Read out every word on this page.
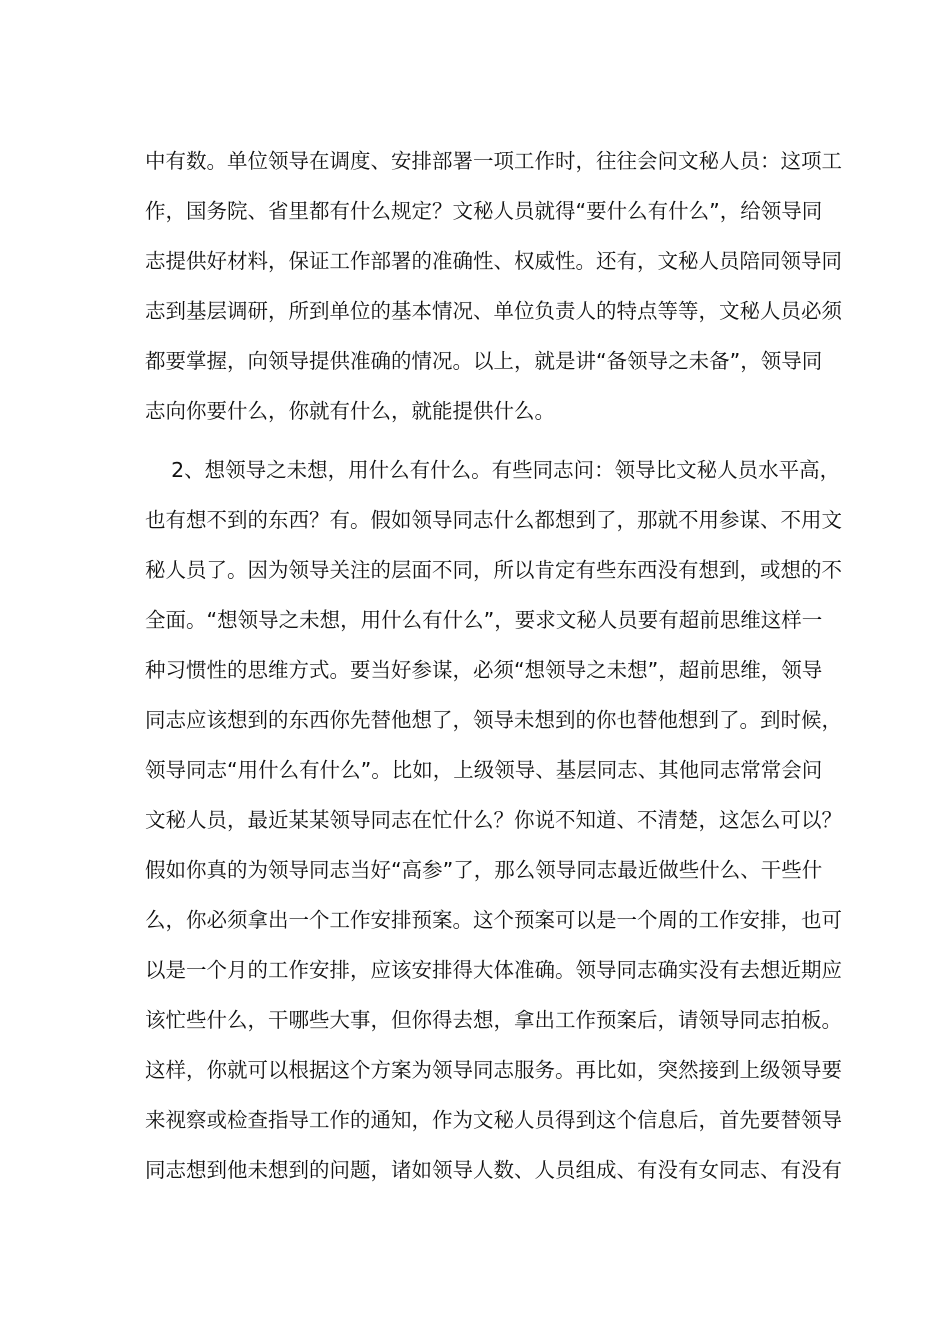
中有数。单位领导在调度、安排部署一项工作时，往往会问文秘人员：这项工
作，国务院、省里都有什么规定？文秘人员就得“要什么有什么”，给领导同
志提供好材料，保证工作部署的准确性、权威性。还有，文秘人员陪同领导同
志到基层调研，所到单位的基本情况、单位负责人的特点等等，文秘人员必须
都要掌握，向领导提供准确的情况。以上，就是讲“备领导之未备”，领导同
志向你要什么，你就有什么，就能提供什么。
2、想领导之未想，用什么有什么。有些同志问：领导比文秘人员水平高，
也有想不到的东西？有。假如领导同志什么都想到了，那就不用参谋、不用文
秘人员了。因为领导关注的层面不同，所以肯定有些东西没有想到，或想的不
全面。“想领导之未想，用什么有什么”，要求文秘人员要有超前思维这样一
种习惯性的思维方式。要当好参谋，必须“想领导之未想”，超前思维，领导
同志应该想到的东西你先替他想了，领导未想到的你也替他想到了。到时候，
领导同志“用什么有什么”。比如，上级领导、基层同志、其他同志常常会问
文秘人员，最近某某领导同志在忙什么？你说不知道、不清楚，这怎么可以？
假如你真的为领导同志当好“高参”了，那么领导同志最近做些什么、干些什
么，你必须拿出一个工作安排预案。这个预案可以是一个周的工作安排，也可
以是一个月的工作安排，应该安排得大体准确。领导同志确实没有去想近期应
该忙些什么，干哪些大事，但你得去想，拿出工作预案后，请领导同志拍板。
这样，你就可以根据这个方案为领导同志服务。再比如，突然接到上级领导要
来视察或检查指导工作的通知，作为文秘人员得到这个信息后，首先要替领导
同志想到他未想到的问题，诸如领导人数、人员组成、有没有女同志、有没有
